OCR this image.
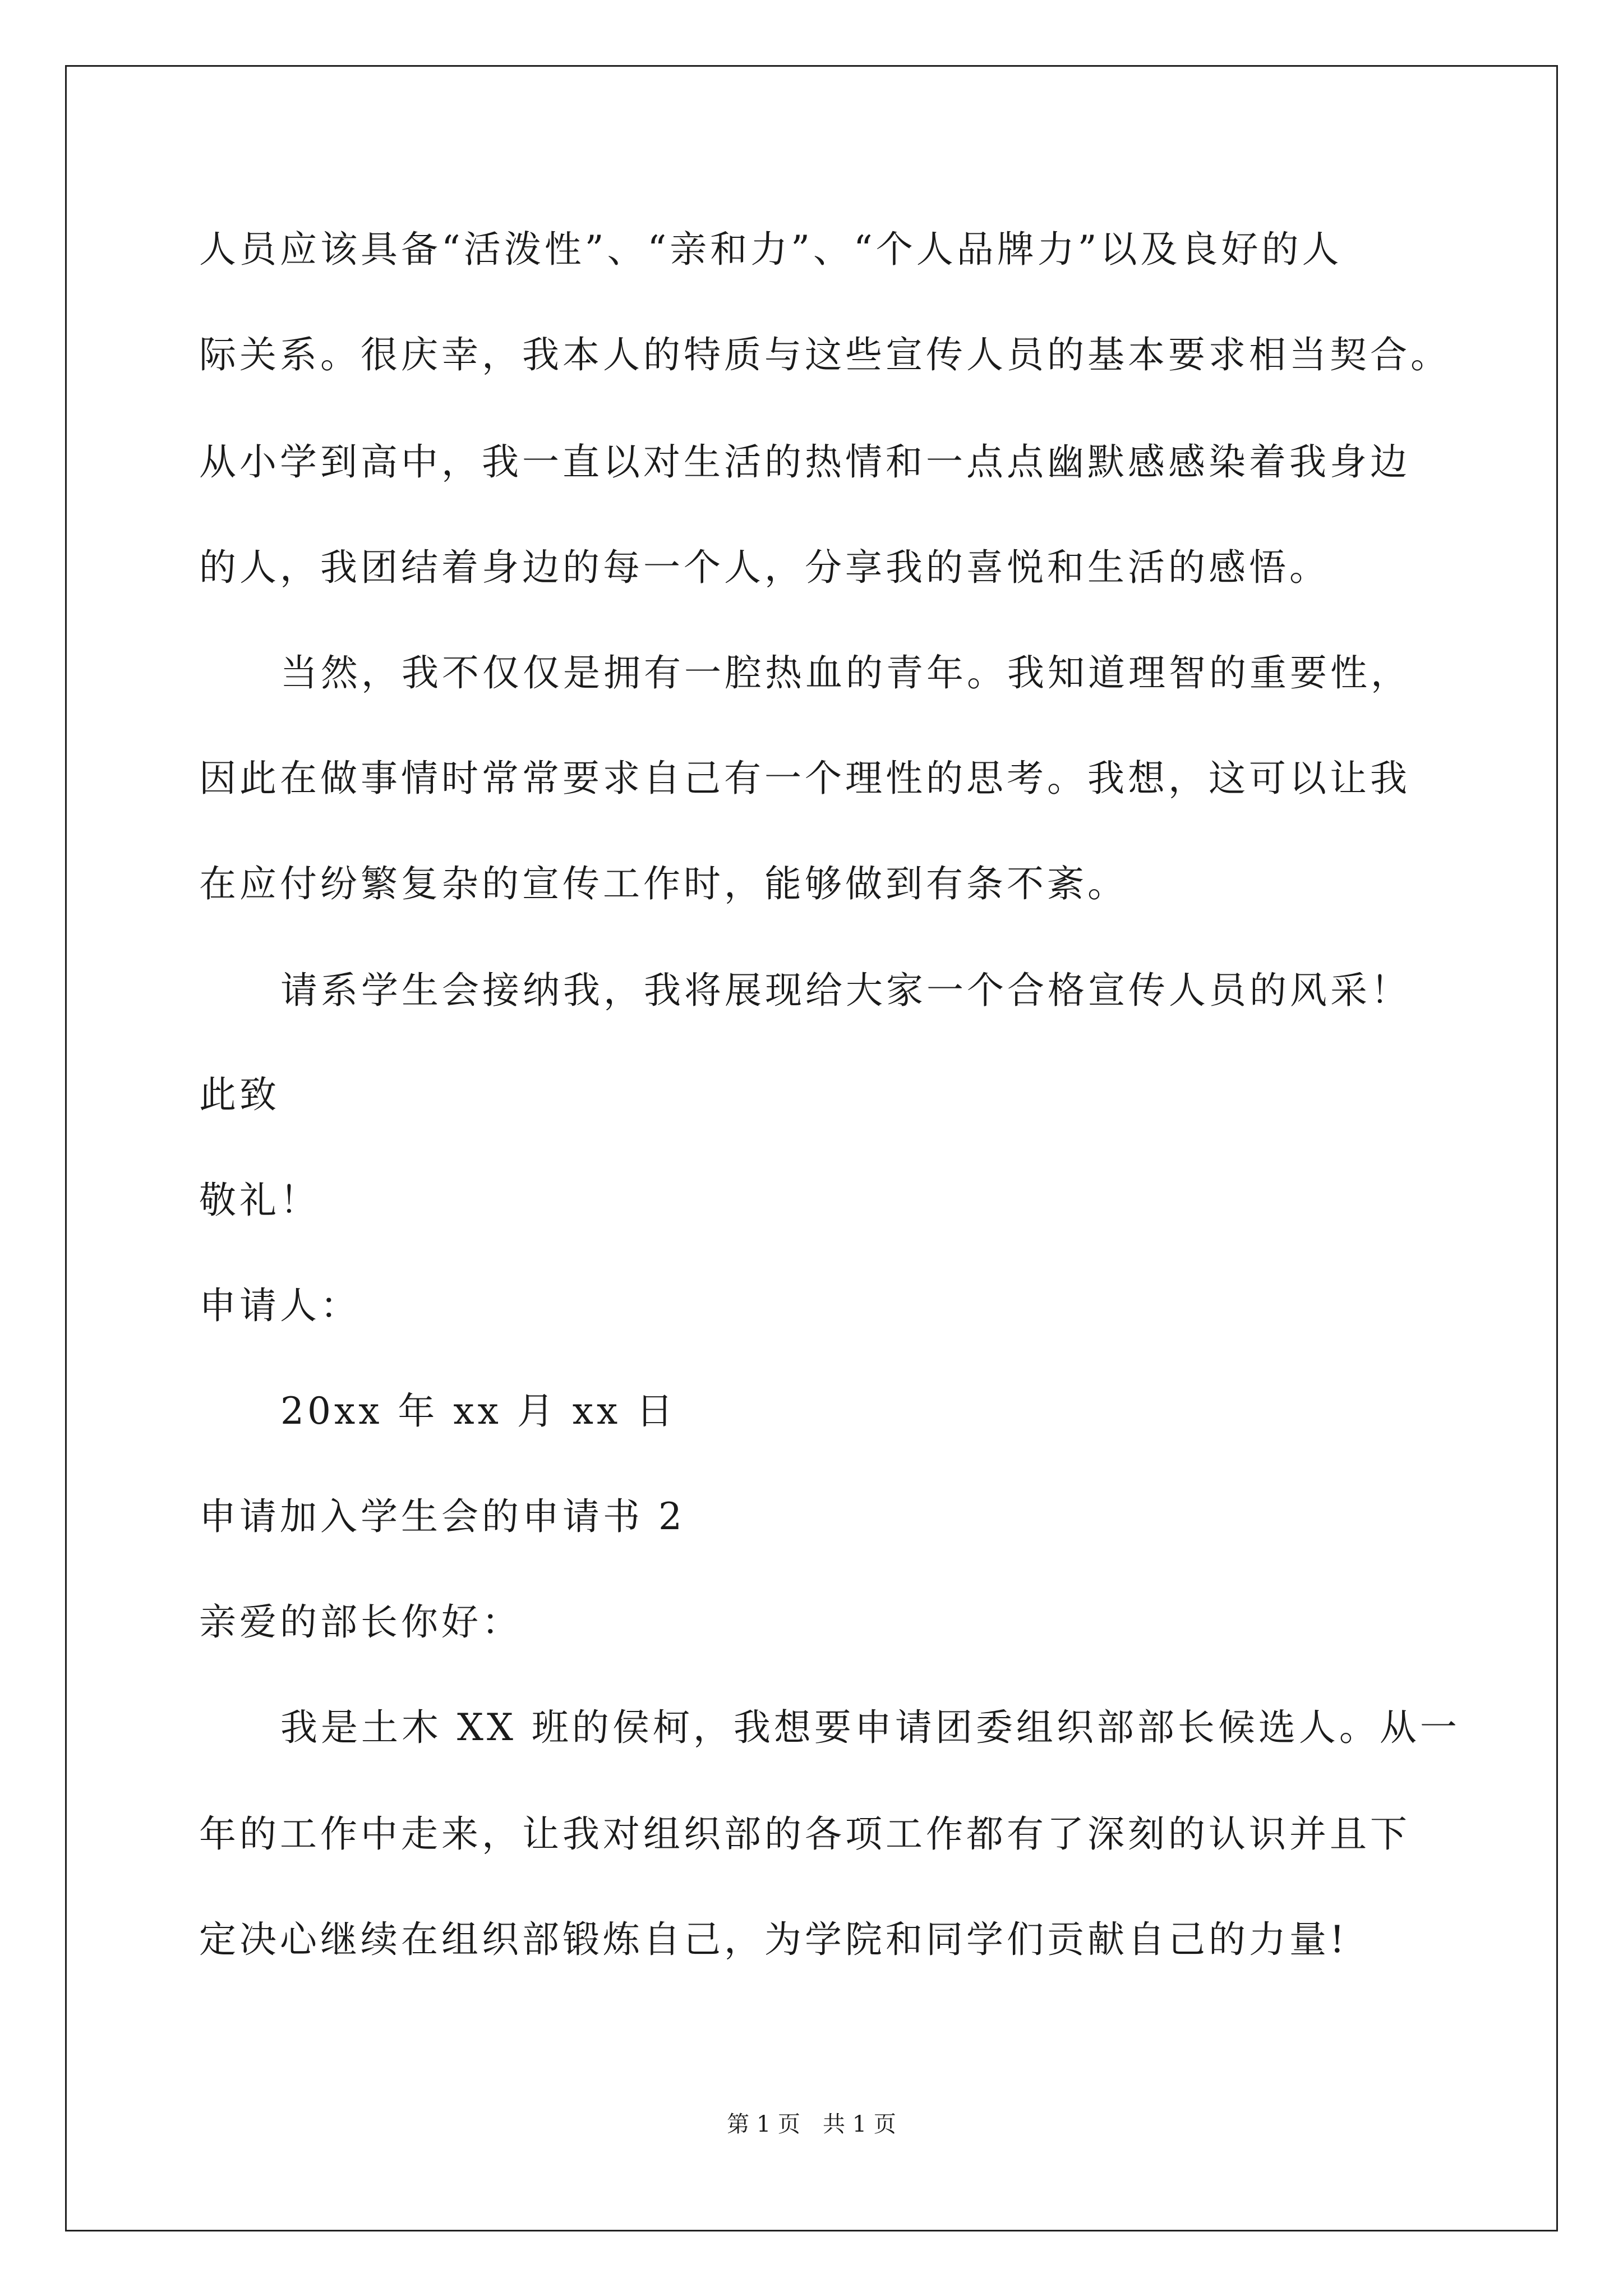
人员应该具备“活泼性”、“亲和力”、“个人品牌力”以及良好的人
际关系。很庆幸，我本人的特质与这些宣传人员的基本要求相当契合。
从小学到高中，我一直以对生活的热情和一点点幽默感感染着我身边
的人，我团结着身边的每一个人，分享我的喜悦和生活的感悟。
当然，我不仅仅是拥有一腔热血的青年。我知道理智的重要性，
因此在做事情时常常要求自己有一个理性的思考。我想，这可以让我
在应付纷繁复杂的宣传工作时，能够做到有条不紊。
请系学生会接纳我，我将展现给大家一个合格宣传人员的风采！
此致
敬礼！
申请人：
20xx 年 xx 月 xx 日
申请加入学生会的申请书 2
亲爱的部长你好：
我是土木 XX 班的侯柯，我想要申请团委组织部部长候选人。从一
年的工作中走来，让我对组织部的各项工作都有了深刻的认识并且下
定决心继续在组织部锻炼自己，为学院和同学们贡献自己的力量!
第 1 页　共 1 页
